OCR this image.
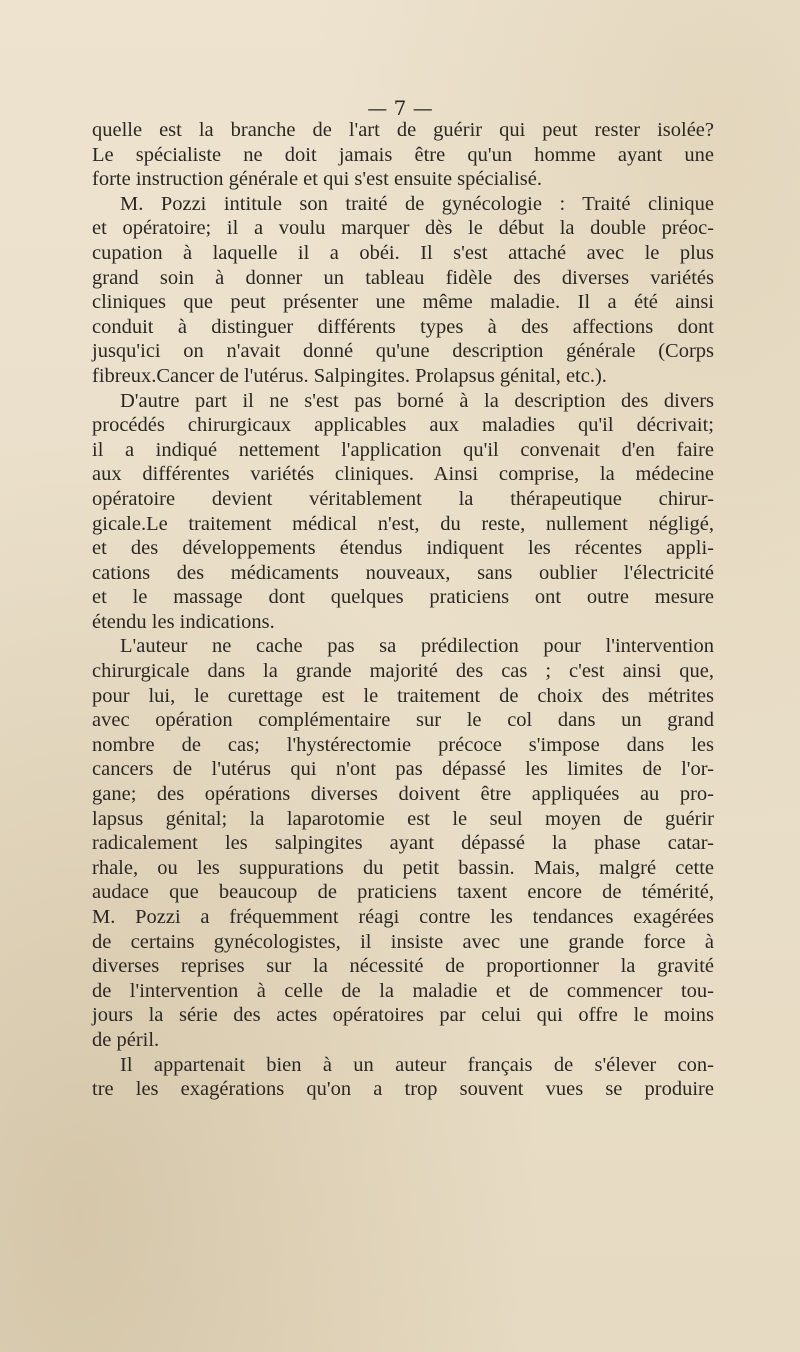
— 7 —
quelle est la branche de l'art de guérir qui peut rester isolée?
Le spécialiste ne doit jamais être qu'un homme ayant une
forte instruction générale et qui s'est ensuite spécialisé.
M. Pozzi intitule son traité de gynécologie : Traité clinique
et opératoire; il a voulu marquer dès le début la double préoc-
cupation à laquelle il a obéi. Il s'est attaché avec le plus
grand soin à donner un tableau fidèle des diverses variétés
cliniques que peut présenter une même maladie. Il a été ainsi
conduit à distinguer différents types à des affections dont
jusqu'ici on n'avait donné qu'une description générale (Corps
fibreux.Cancer de l'utérus. Salpingites. Prolapsus génital, etc.).
D'autre part il ne s'est pas borné à la description des divers
procédés chirurgicaux applicables aux maladies qu'il décrivait;
il a indiqué nettement l'application qu'il convenait d'en faire
aux différentes variétés cliniques. Ainsi comprise, la médecine
opératoire devient véritablement la thérapeutique chirur-
gicale.Le traitement médical n'est, du reste, nullement négligé,
et des développements étendus indiquent les récentes appli-
cations des médicaments nouveaux, sans oublier l'électricité
et le massage dont quelques praticiens ont outre mesure
étendu les indications.
L'auteur ne cache pas sa prédilection pour l'intervention
chirurgicale dans la grande majorité des cas ; c'est ainsi que,
pour lui, le curettage est le traitement de choix des métrites
avec opération complémentaire sur le col dans un grand
nombre de cas; l'hystérectomie précoce s'impose dans les
cancers de l'utérus qui n'ont pas dépassé les limites de l'or-
gane; des opérations diverses doivent être appliquées au pro-
lapsus génital; la laparotomie est le seul moyen de guérir
radicalement les salpingites ayant dépassé la phase catar-
rhale, ou les suppurations du petit bassin. Mais, malgré cette
audace que beaucoup de praticiens taxent encore de témérité,
M. Pozzi a fréquemment réagi contre les tendances exagérées
de certains gynécologistes, il insiste avec une grande force à
diverses reprises sur la nécessité de proportionner la gravité
de l'intervention à celle de la maladie et de commencer tou-
jours la série des actes opératoires par celui qui offre le moins
de péril.
Il appartenait bien à un auteur français de s'élever con-
tre les exagérations qu'on a trop souvent vues se produire
